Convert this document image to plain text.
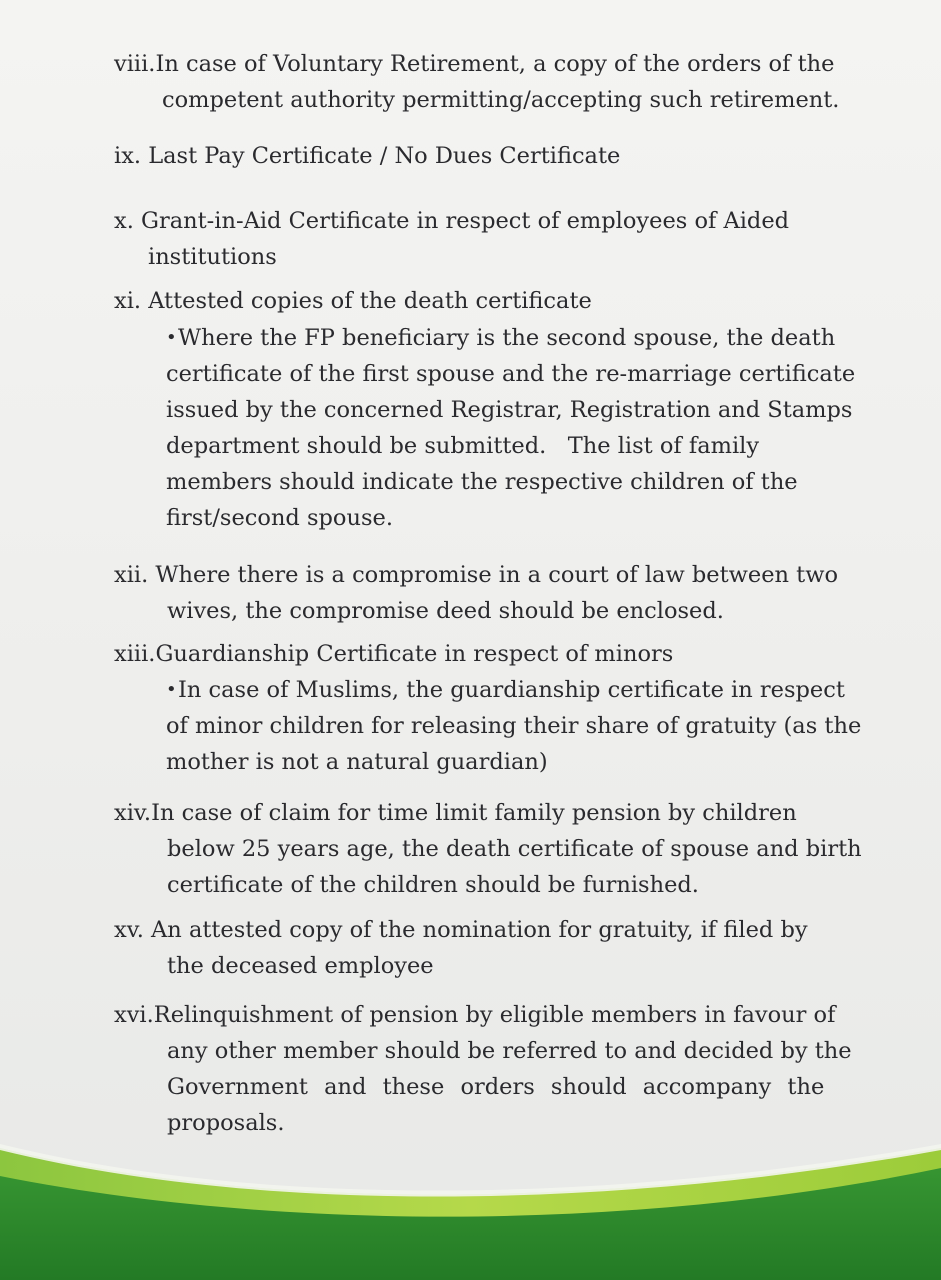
viii.In case of Voluntary Retirement, a copy of the orders of the
competent authority permitting/accepting such retirement.
ix. Last Pay Certificate / No Dues Certificate
x. Grant-in-Aid Certificate in respect of employees of Aided
institutions
xi. Attested copies of the death certificate
•Where the FP beneficiary is the second spouse, the death
certificate of the first spouse and the re-marriage certificate
issued by the concerned Registrar, Registration and Stamps
department should be submitted.   The list of family
members should indicate the respective children of the
first/second spouse.
xii. Where there is a compromise in a court of law between two
wives, the compromise deed should be enclosed.
xiii.Guardianship Certificate in respect of minors
•In case of Muslims, the guardianship certificate in respect
of minor children for releasing their share of gratuity (as the
mother is not a natural guardian)
xiv.In case of claim for time limit family pension by children
below 25 years age, the death certificate of spouse and birth
certificate of the children should be furnished.
xv. An attested copy of the nomination for gratuity, if filed by
the deceased employee
xvi.Relinquishment of pension by eligible members in favour of
any other member should be referred to and decided by the
Government and these orders should accompany the
proposals.
